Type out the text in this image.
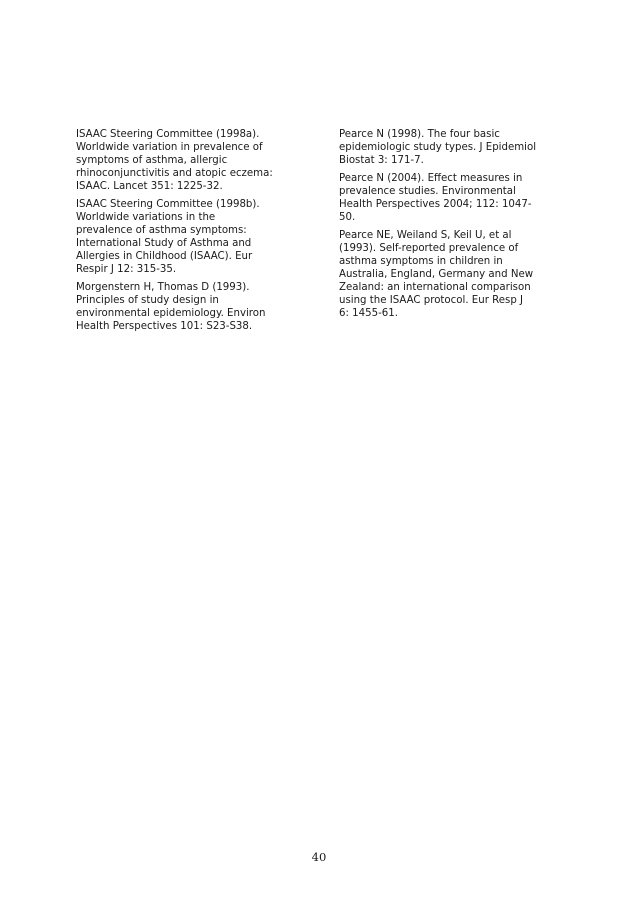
ISAAC Steering Committee (1998a).
Worldwide variation in prevalence of
symptoms of asthma, allergic
rhinoconjunctivitis and atopic eczema:
ISAAC. Lancet 351: 1225-32.

ISAAC Steering Committee (1998b).
Worldwide variations in the
prevalence of asthma symptoms:
International Study of Asthma and
Allergies in Childhood (ISAAC). Eur
Respir J 12: 315-35.

Morgenstern H, Thomas D (1993).
Principles of study design in
environmental epidemiology. Environ
Health Perspectives 101: S23-S38.

Pearce N (1998). The four basic
epidemiologic study types. J Epidemiol
Biostat 3: 171-7.

Pearce N (2004). Effect measures in
prevalence studies. Environmental
Health Perspectives 2004; 112: 1047-
50.

Pearce NE, Weiland S, Keil U, et al
(1993). Self-reported prevalence of
asthma symptoms in children in
Australia, England, Germany and New
Zealand: an international comparison
using the ISAAC protocol. Eur Resp J
6: 1455-61.

40
